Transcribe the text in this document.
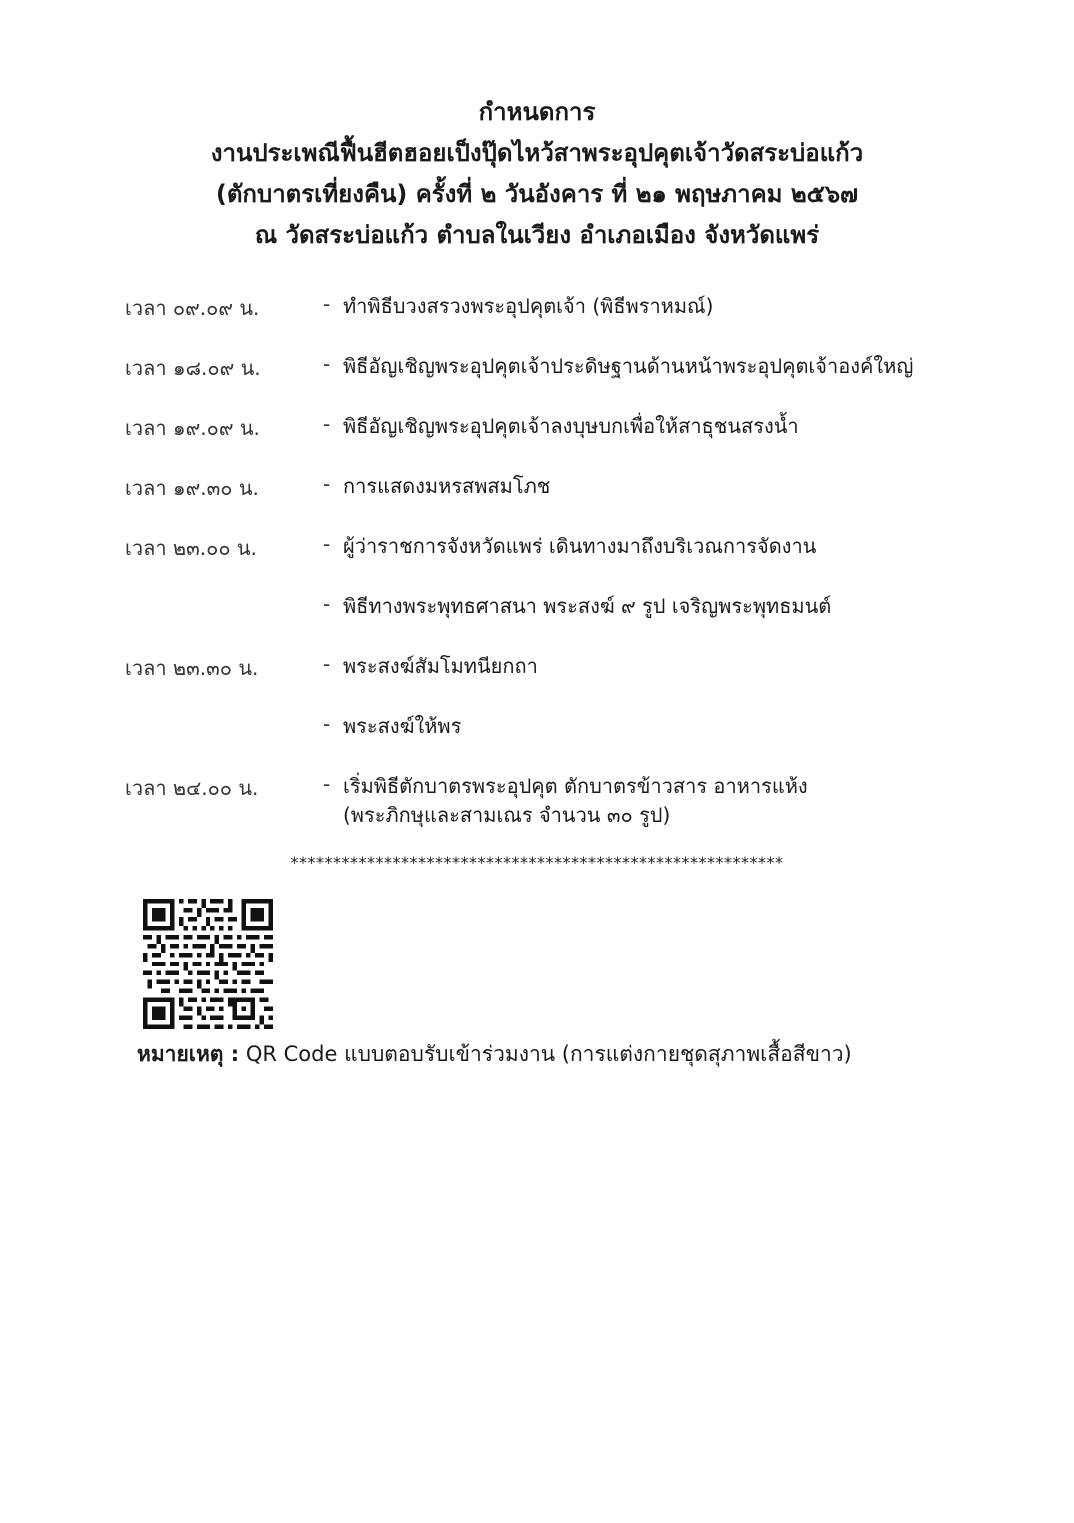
กำหนดการ
งานประเพณีฟื้นฮีตฮอยเป็งปุ๊ดไหว้สาพระอุปคุตเจ้าวัดสระบ่อแก้ว
(ตักบาตรเที่ยงคืน) ครั้งที่ ๒ วันอังคาร ที่ ๒๑ พฤษภาคม ๒๕๖๗
ณ วัดสระบ่อแก้ว ตำบลในเวียง อำเภอเมือง จังหวัดแพร่
เวลา ๐๙.๐๙ น.	- ทำพิธีบวงสรวงพระอุปคุตเจ้า (พิธีพราหมณ์)
เวลา ๑๘.๐๙ น.	- พิธีอัญเชิญพระอุปคุตเจ้าประดิษฐานด้านหน้าพระอุปคุตเจ้าองค์ใหญ่
เวลา ๑๙.๐๙ น.	- พิธีอัญเชิญพระอุปคุตเจ้าลงบุษบกเพื่อให้สาธุชนสรงน้ำ
เวลา ๑๙.๓๐ น.	- การแสดงมหรสพสมโภช
เวลา ๒๓.๐๐ น.	- ผู้ว่าราชการจังหวัดแพร่ เดินทางมาถึงบริเวณการจัดงาน
- พิธีทางพระพุทธศาสนา พระสงฆ์ ๙ รูป เจริญพระพุทธมนต์
เวลา ๒๓.๓๐ น.	- พระสงฆ์สัมโมทนียกถา
- พระสงฆ์ให้พร
เวลา ๒๔.๐๐ น.	- เริ่มพิธีตักบาตรพระอุปคุต ตักบาตรข้าวสาร อาหารแห้ง
(พระภิกษุและสามเณร จำนวน ๓๐ รูป)
**********************************************************
หมายเหตุ : QR Code แบบตอบรับเข้าร่วมงาน (การแต่งกายชุดสุภาพเสื้อสีขาว)
